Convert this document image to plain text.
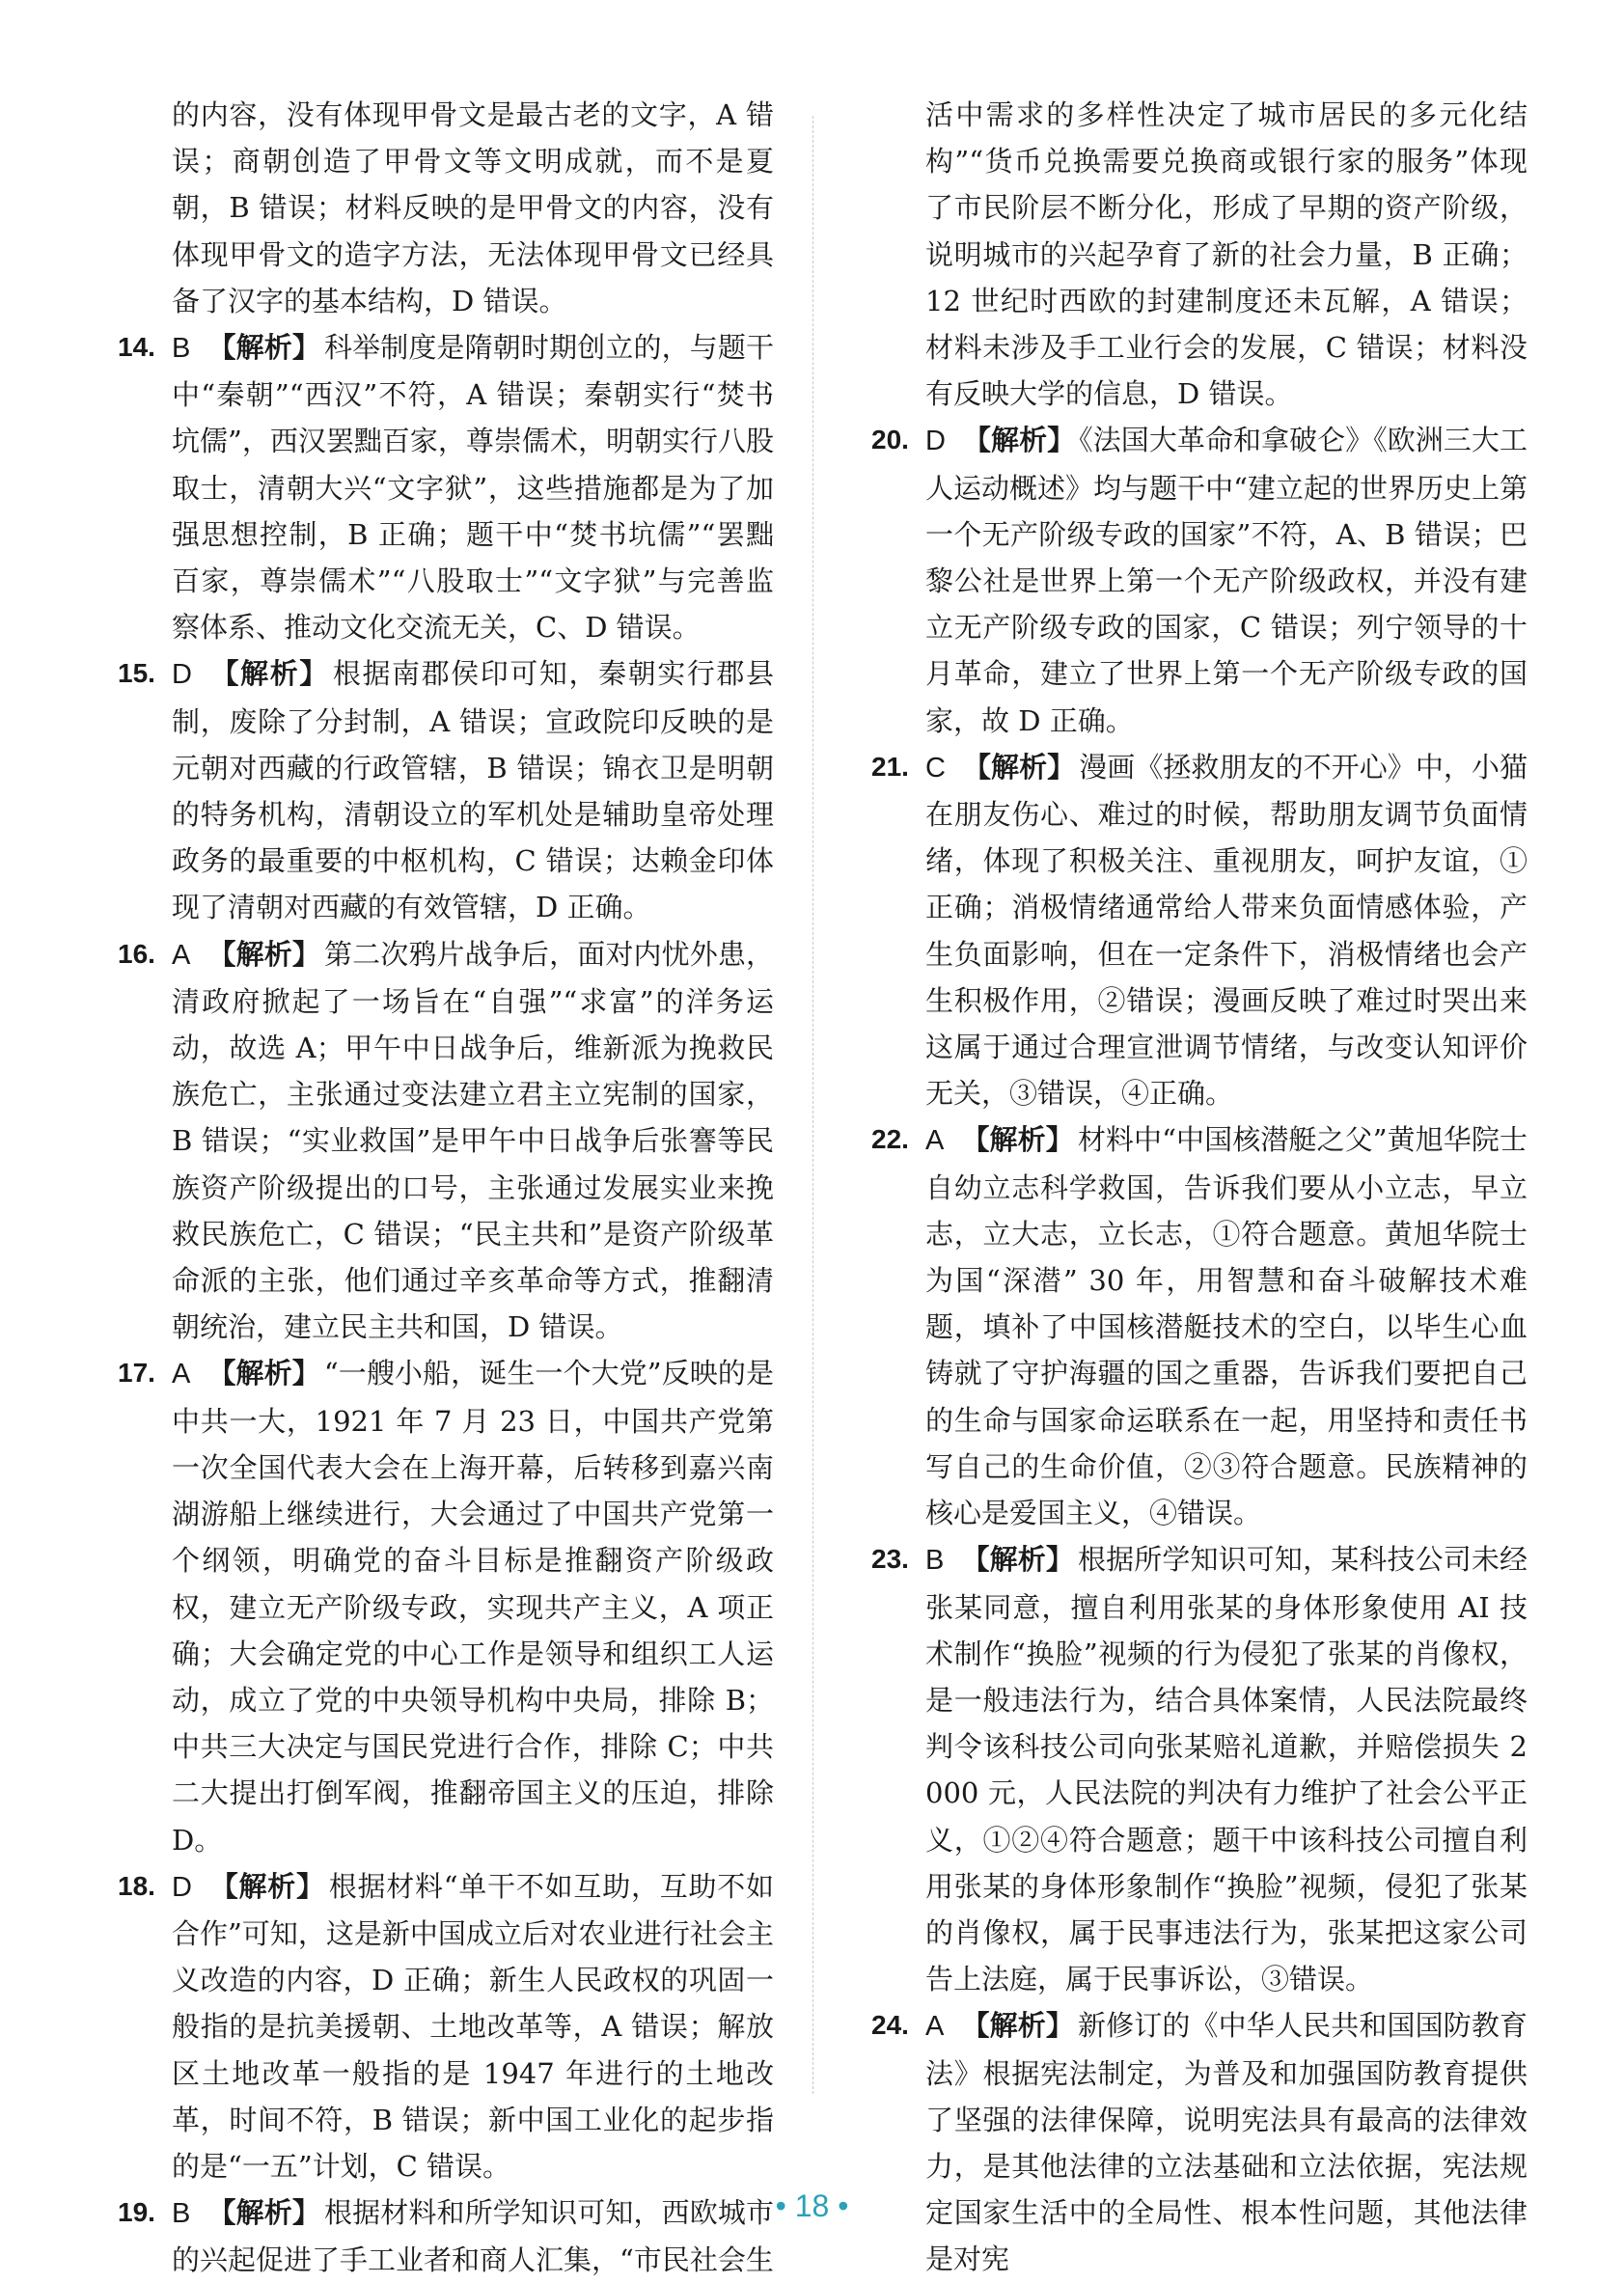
的内容，没有体现甲骨文是最古老的文字，A 错误；商朝创造了甲骨文等文明成就，而不是夏朝，B 错误；材料反映的是甲骨文的内容，没有体现甲骨文的造字方法，无法体现甲骨文已经具备了汉字的基本结构，D 错误。

14. B 【解析】 科举制度是隋朝时期创立的，与题干中“秦朝”“西汉”不符，A 错误；秦朝实行“焚书坑儒”，西汉罢黜百家，尊崇儒术，明朝实行八股取士，清朝大兴“文字狱”，这些措施都是为了加强思想控制，B 正确；题干中“焚书坑儒”“罢黜百家，尊崇儒术”“八股取士”“文字狱”与完善监察体系、推动文化交流无关，C、D 错误。
15. D 【解析】 根据南郡侯印可知，秦朝实行郡县制，废除了分封制，A 错误；宣政院印反映的是元朝对西藏的行政管辖，B 错误；锦衣卫是明朝的特务机构，清朝设立的军机处是辅助皇帝处理政务的最重要的中枢机构，C 错误；达赖金印体现了清朝对西藏的有效管辖，D 正确。
16. A 【解析】 第二次鸦片战争后，面对内忧外患，清政府掀起了一场旨在“自强”“求富”的洋务运动，故选 A；甲午中日战争后，维新派为挽救民族危亡，主张通过变法建立君主立宪制的国家，B 错误；“实业救国”是甲午中日战争后张謇等民族资产阶级提出的口号，主张通过发展实业来挽救民族危亡，C 错误；“民主共和”是资产阶级革命派的主张，他们通过辛亥革命等方式，推翻清朝统治，建立民主共和国，D 错误。
17. A 【解析】 “一艘小船，诞生一个大党”反映的是中共一大，1921 年 7 月 23 日，中国共产党第一次全国代表大会在上海开幕，后转移到嘉兴南湖游船上继续进行，大会通过了中国共产党第一个纲领，明确党的奋斗目标是推翻资产阶级政权，建立无产阶级专政，实现共产主义，A 项正确；大会确定党的中心工作是领导和组织工人运动，成立了党的中央领导机构中央局，排除 B；中共三大决定与国民党进行合作，排除 C；中共二大提出打倒军阀，推翻帝国主义的压迫，排除 D。
18. D 【解析】 根据材料“单干不如互助，互助不如合作”可知，这是新中国成立后对农业进行社会主义改造的内容，D 正确；新生人民政权的巩固一般指的是抗美援朝、土地改革等，A 错误；解放区土地改革一般指的是 1947 年进行的土地改革，时间不符，B 错误；新中国工业化的起步指的是“一五”计划，C 错误。
19. B 【解析】 根据材料和所学知识可知，西欧城市的兴起促进了手工业者和商人汇集，“市民社会生

活中需求的多样性决定了城市居民的多元化结构”“货币兑换需要兑换商或银行家的服务”体现了市民阶层不断分化，形成了早期的资产阶级，说明城市的兴起孕育了新的社会力量，B 正确；12 世纪时西欧的封建制度还未瓦解，A 错误；材料未涉及手工业行会的发展，C 错误；材料没有反映大学的信息，D 错误。

20. D 【解析】 《法国大革命和拿破仑》《欧洲三大工人运动概述》均与题干中“建立起的世界历史上第一个无产阶级专政的国家”不符，A、B 错误；巴黎公社是世界上第一个无产阶级政权，并没有建立无产阶级专政的国家，C 错误；列宁领导的十月革命，建立了世界上第一个无产阶级专政的国家，故 D 正确。
21. C 【解析】 漫画《拯救朋友的不开心》中，小猫在朋友伤心、难过的时候，帮助朋友调节负面情绪，体现了积极关注、重视朋友，呵护友谊，①正确；消极情绪通常给人带来负面情感体验，产生负面影响，但在一定条件下，消极情绪也会产生积极作用，②错误；漫画反映了难过时哭出来这属于通过合理宣泄调节情绪，与改变认知评价无关，③错误，④正确。
22. A 【解析】 材料中“中国核潜艇之父”黄旭华院士自幼立志科学救国，告诉我们要从小立志，早立志，立大志，立长志，①符合题意。黄旭华院士为国“深潜” 30 年，用智慧和奋斗破解技术难题，填补了中国核潜艇技术的空白，以毕生心血铸就了守护海疆的国之重器，告诉我们要把自己的生命与国家命运联系在一起，用坚持和责任书写自己的生命价值，②③符合题意。民族精神的核心是爱国主义，④错误。
23. B 【解析】 根据所学知识可知，某科技公司未经张某同意，擅自利用张某的身体形象使用 AI 技术制作“换脸”视频的行为侵犯了张某的肖像权，是一般违法行为，结合具体案情，人民法院最终判令该科技公司向张某赔礼道歉，并赔偿损失 2 000 元，人民法院的判决有力维护了社会公平正义，①②④符合题意；题干中该科技公司擅自利用张某的身体形象制作“换脸”视频，侵犯了张某的肖像权，属于民事违法行为，张某把这家公司告上法庭，属于民事诉讼，③错误。
24. A 【解析】 新修订的《中华人民共和国国防教育法》根据宪法制定，为普及和加强国防教育提供了坚强的法律保障，说明宪法具有最高的法律效力，是其他法律的立法基础和立法依据，宪法规定国家生活中的全局性、根本性问题，其他法律是对宪
• 18 •
